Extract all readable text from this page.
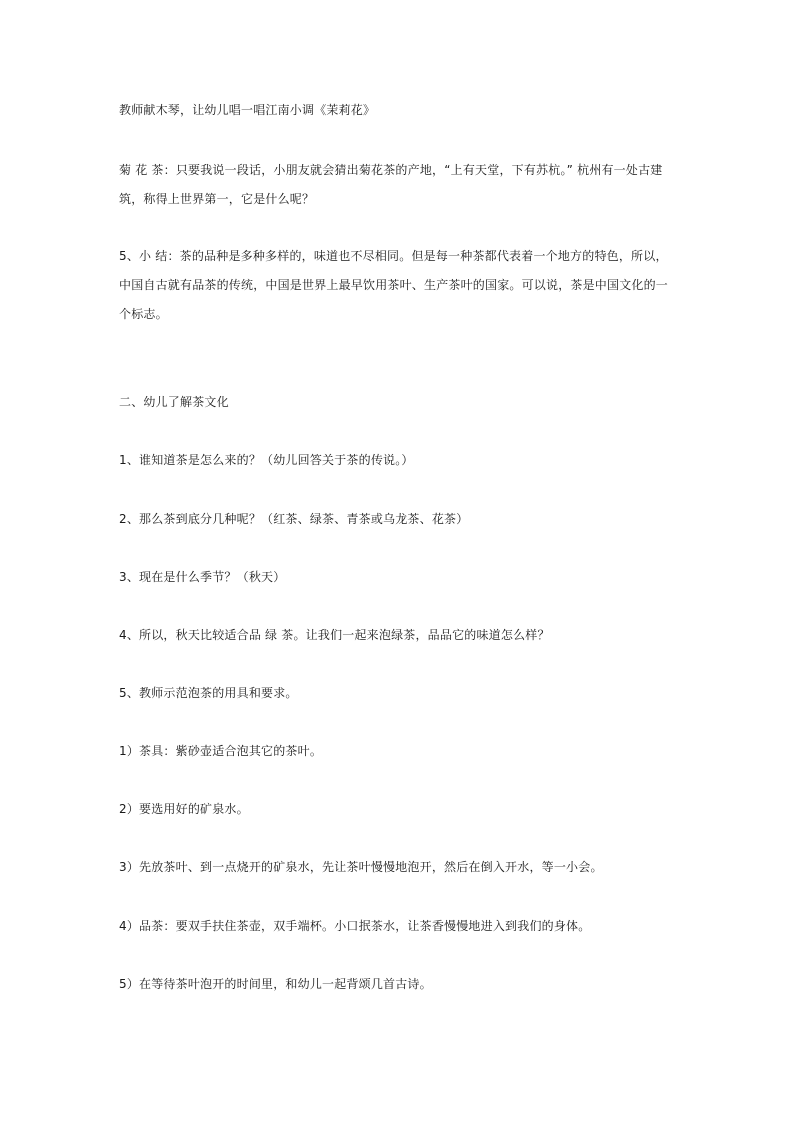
教师献木琴，让幼儿唱一唱江南小调《茉莉花》

菊 花 茶：只要我说一段话，小朋友就会猜出菊花茶的产地，“上有天堂，下有苏杭。” 杭州有一处古建筑，称得上世界第一，它是什么呢？

5、小 结：茶的品种是多种多样的，味道也不尽相同。但是每一种茶都代表着一个地方的特色，所以，中国自古就有品茶的传统，中国是世界上最早饮用茶叶、生产茶叶的国家。可以说，茶是中国文化的一个标志。

二、幼儿了解茶文化

1、谁知道茶是怎么来的？（幼儿回答关于茶的传说。）

2、那么茶到底分几种呢？（红茶、绿茶、青茶或乌龙茶、花茶）

3、现在是什么季节？（秋天）

4、所以，秋天比较适合品 绿 茶。让我们一起来泡绿茶，品品它的味道怎么样？

5、教师示范泡茶的用具和要求。

1）茶具：紫砂壶适合泡其它的茶叶。

2）要选用好的矿泉水。

3）先放茶叶、到一点烧开的矿泉水，先让茶叶慢慢地泡开，然后在倒入开水，等一小会。

4）品茶：要双手扶住茶壶，双手端杯。小口抿茶水，让茶香慢慢地进入到我们的身体。

5）在等待茶叶泡开的时间里，和幼儿一起背颂几首古诗。
